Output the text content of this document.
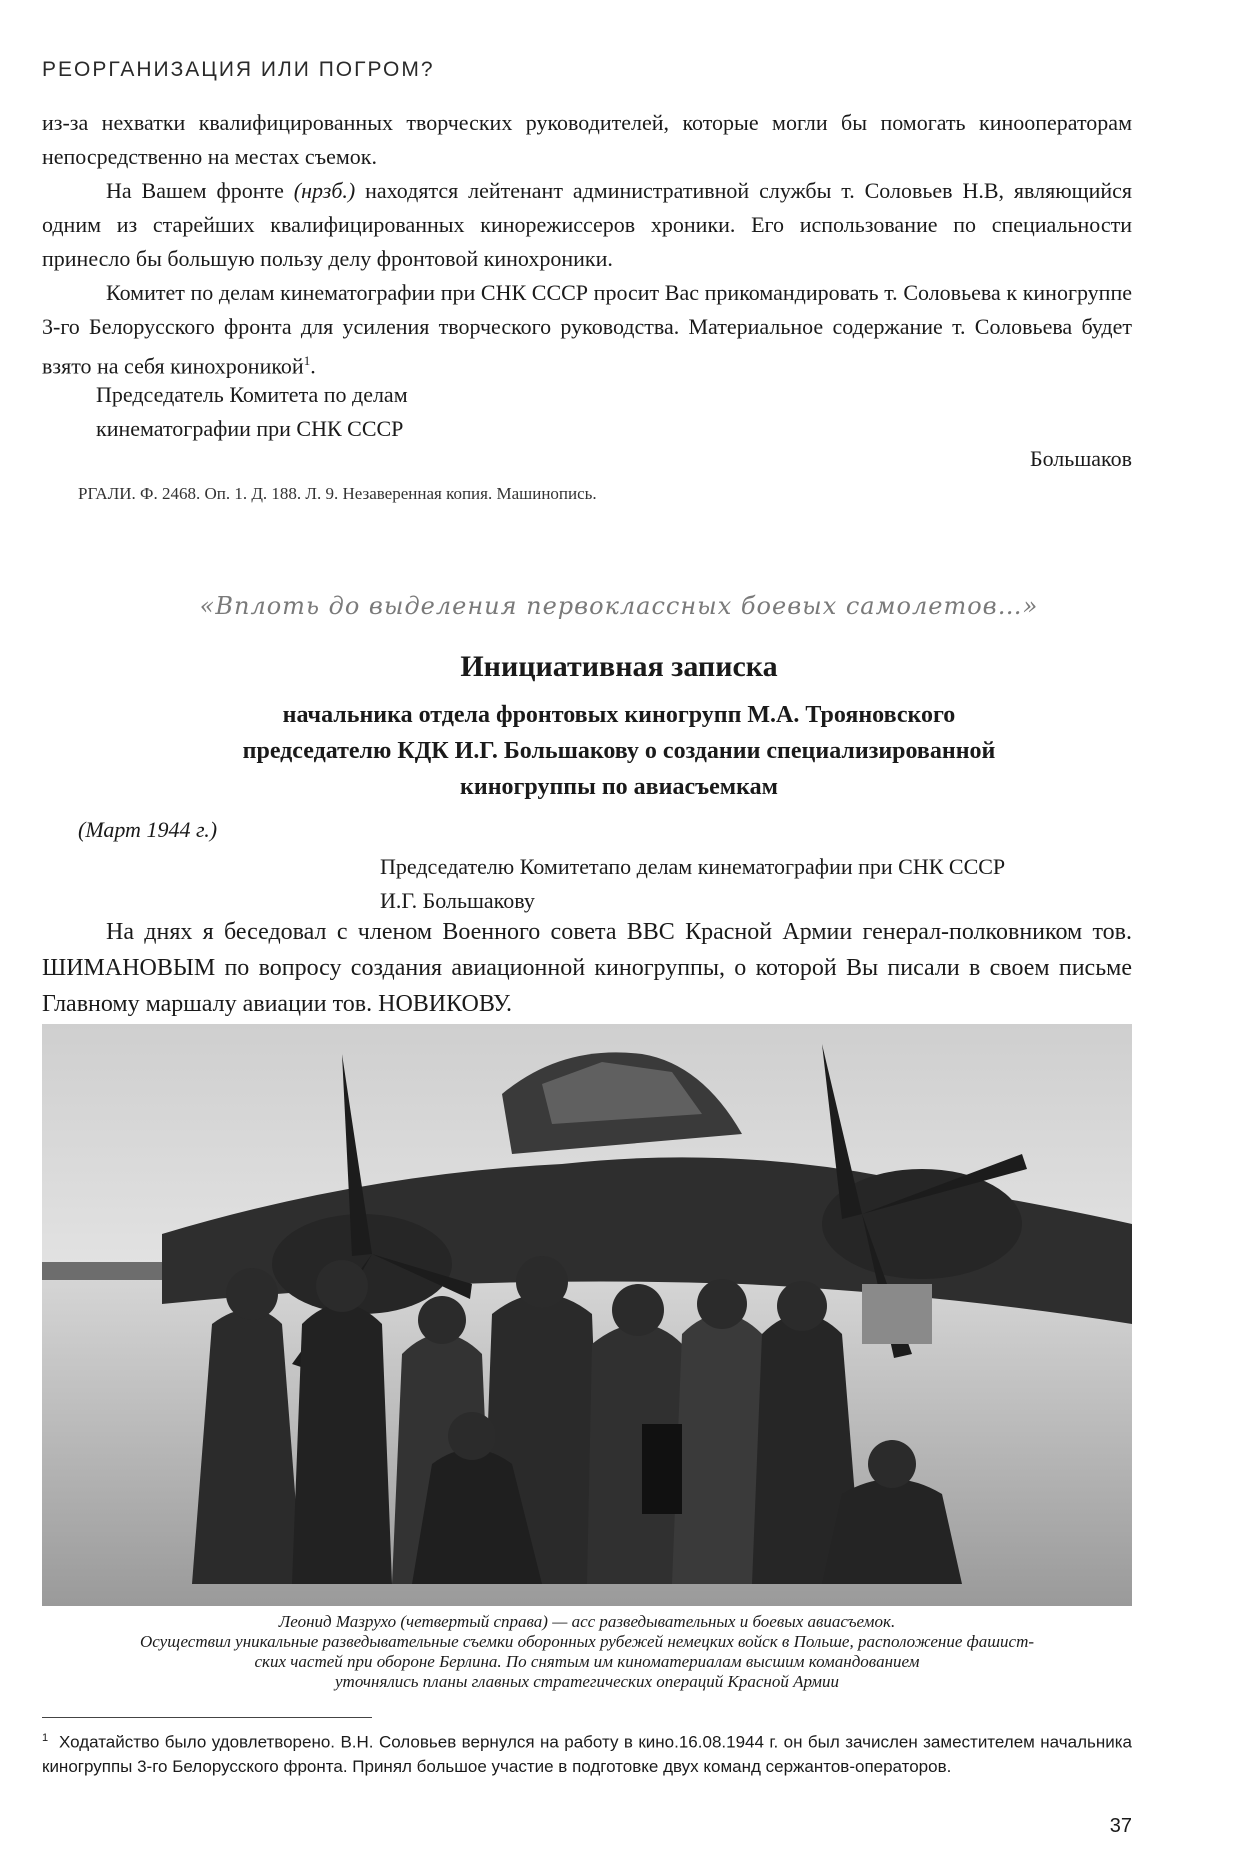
РЕОРГАНИЗАЦИЯ ИЛИ ПОГРОМ?

из-за нехватки квалифицированных творческих руководителей, которые могли бы помогать кинооператорам непосредственно на местах съемок.

На Вашем фронте (нрзб.) находятся лейтенант административной службы т. Соловьев Н.В, являющийся одним из старейших квалифицированных кинорежиссеров хроники. Его использование по специальности принесло бы большую пользу делу фронтовой кинохроники.

Комитет по делам кинематографии при СНК СССР просит Вас прикомандировать т. Соловьева к киногруппе 3-го Белорусского фронта для усиления творческого руководства. Материальное содержание т. Соловьева будет взято на себя кинохроникой$^1$.

Председатель Комитета по делам
кинематографии при СНК СССР
Большаков
РГАЛИ. Ф. 2468. Оп. 1. Д. 188. Л. 9. Незаверенная копия. Машинопись.
«Вплоть до выделения первоклассных боевых самолетов…»
Инициативная записка
начальника отдела фронтовых киногрупп М.А. Трояновского
председателю КДК И.Г. Большакову о создании специализированной
киногруппы по авиасъемкам
(Март 1944 г.)
Председателю Комитетапо делам кинематографии при СНК СССР
И.Г. Большакову

На днях я беседовал с членом Военного совета ВВС Красной Армии генерал-полковником тов. ШИМАНОВЫМ по вопросу создания авиационной киногруппы, о которой Вы писали в своем письме Главному маршалу авиации тов. НОВИКОВУ.

Леонид Мазрухо (четвертый справа) — асс разведывательных и боевых авиасъемок.
Осуществил уникальные разведывательные съемки оборонных рубежей немецких войск в Польше, расположение фашист-
ских частей при обороне Берлина. По снятым им киноматериалам высшим командованием
уточнялись планы главных стратегических операций Красной Армии

$^1$ Ходатайство было удовлетворено. В.Н. Соловьев вернулся на работу в кино.16.08.1944 г. он был зачислен заместителем начальника киногруппы 3-го Белорусского фронта. Принял большое участие в подготовке двух команд сержантов-операторов.

37
